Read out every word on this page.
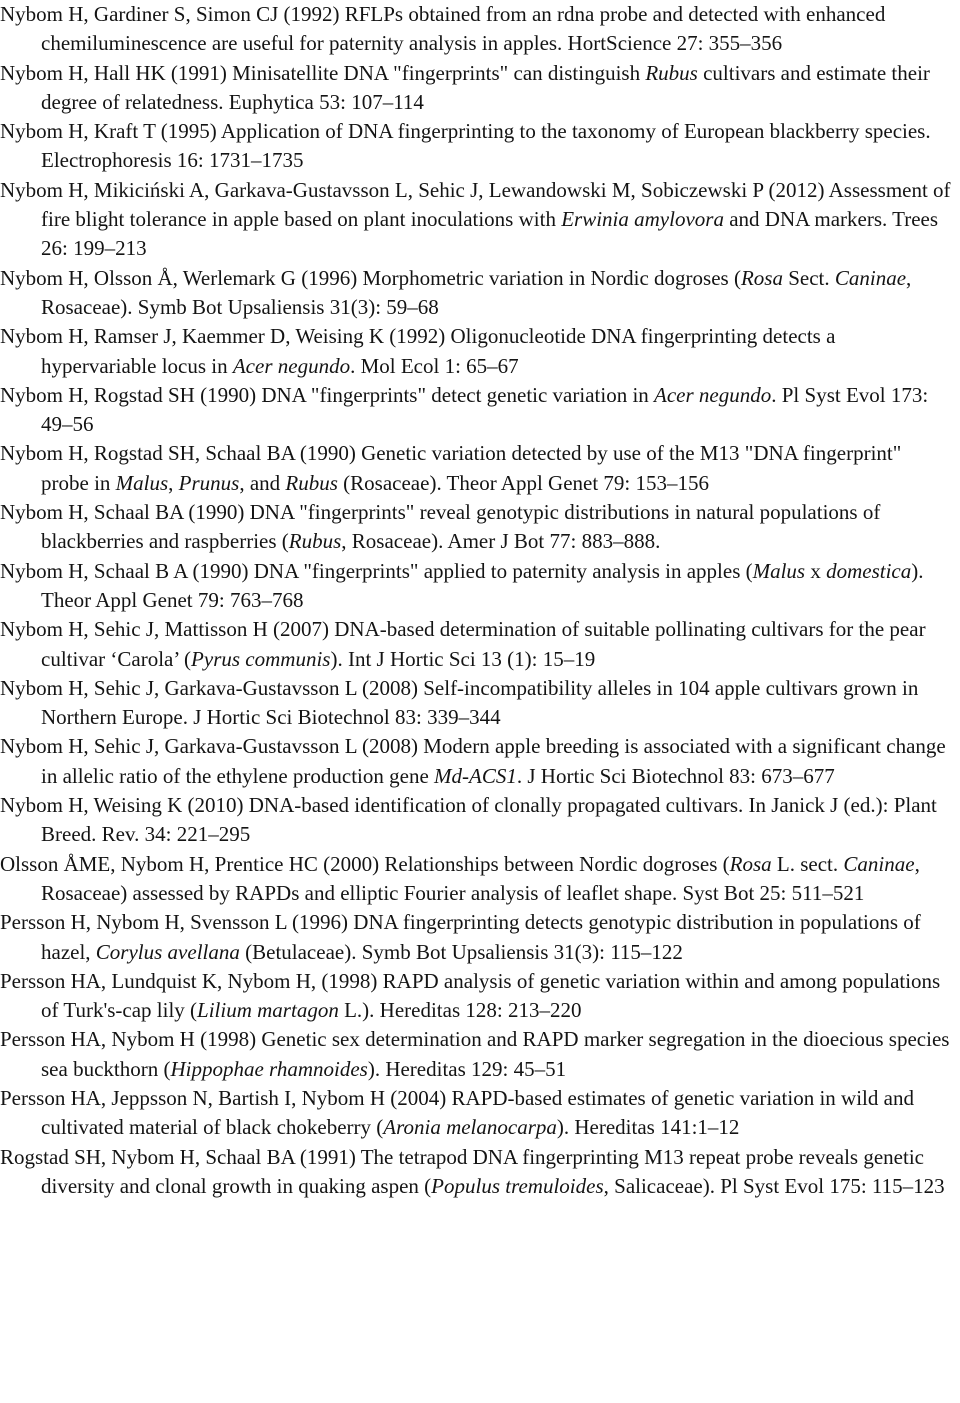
Nybom H, Gardiner S, Simon CJ (1992) RFLPs obtained from an rdna probe and detected with enhanced chemiluminescence are useful for paternity analysis in apples. HortScience 27: 355–356

Nybom H, Hall HK (1991) Minisatellite DNA "fingerprints" can distinguish Rubus cultivars and estimate their degree of relatedness. Euphytica 53: 107–114

Nybom H, Kraft T (1995) Application of DNA fingerprinting to the taxonomy of European blackberry species. Electrophoresis 16: 1731–1735

Nybom H, Mikiciński A, Garkava-Gustavsson L, Sehic J, Lewandowski M, Sobiczewski P (2012) Assessment of fire blight tolerance in apple based on plant inoculations with Erwinia amylovora and DNA markers. Trees 26: 199–213

Nybom H, Olsson Å, Werlemark G (1996) Morphometric variation in Nordic dogroses (Rosa Sect. Caninae, Rosaceae). Symb Bot Upsaliensis 31(3): 59–68

Nybom H, Ramser J, Kaemmer D, Weising K (1992) Oligonucleotide DNA fingerprinting detects a hypervariable locus in Acer negundo. Mol Ecol 1: 65–67

Nybom H, Rogstad SH (1990) DNA "fingerprints" detect genetic variation in Acer negundo. Pl Syst Evol 173: 49–56

Nybom H, Rogstad SH, Schaal BA (1990) Genetic variation detected by use of the M13 "DNA fingerprint" probe in Malus, Prunus, and Rubus (Rosaceae). Theor Appl Genet 79: 153–156

Nybom H, Schaal BA (1990) DNA "fingerprints" reveal genotypic distributions in natural populations of blackberries and raspberries (Rubus, Rosaceae). Amer J Bot 77: 883–888.

Nybom H, Schaal B A (1990) DNA "fingerprints" applied to paternity analysis in apples (Malus x domestica). Theor Appl Genet 79: 763–768

Nybom H, Sehic J, Mattisson H (2007) DNA-based determination of suitable pollinating cultivars for the pear cultivar ‘Carola’ (Pyrus communis). Int J Hortic Sci 13 (1): 15–19

Nybom H, Sehic J, Garkava-Gustavsson L (2008) Self-incompatibility alleles in 104 apple cultivars grown in Northern Europe. J Hortic Sci Biotechnol 83: 339–344

Nybom H, Sehic J, Garkava-Gustavsson L (2008) Modern apple breeding is associated with a significant change in allelic ratio of the ethylene production gene Md-ACS1. J Hortic Sci Biotechnol 83: 673–677

Nybom H, Weising K (2010) DNA-based identification of clonally propagated cultivars. In Janick J (ed.): Plant Breed. Rev. 34: 221–295

Olsson ÅME, Nybom H, Prentice HC (2000) Relationships between Nordic dogroses (Rosa L. sect. Caninae, Rosaceae) assessed by RAPDs and elliptic Fourier analysis of leaflet shape. Syst Bot 25: 511–521

Persson H, Nybom H, Svensson L (1996) DNA fingerprinting detects genotypic distribution in populations of hazel, Corylus avellana (Betulaceae). Symb Bot Upsaliensis 31(3): 115–122

Persson HA, Lundquist K, Nybom H, (1998) RAPD analysis of genetic variation within and among populations of Turk's-cap lily (Lilium martagon L.). Hereditas 128: 213–220

Persson HA, Nybom H (1998) Genetic sex determination and RAPD marker segregation in the dioecious species sea buckthorn (Hippophae rhamnoides). Hereditas 129: 45–51

Persson HA, Jeppsson N, Bartish I, Nybom H (2004) RAPD-based estimates of genetic variation in wild and cultivated material of black chokeberry (Aronia melanocarpa). Hereditas 141:1–12

Rogstad SH, Nybom H, Schaal BA (1991) The tetrapod DNA fingerprinting M13 repeat probe reveals genetic diversity and clonal growth in quaking aspen (Populus tremuloides, Salicaceae). Pl Syst Evol 175: 115–123
